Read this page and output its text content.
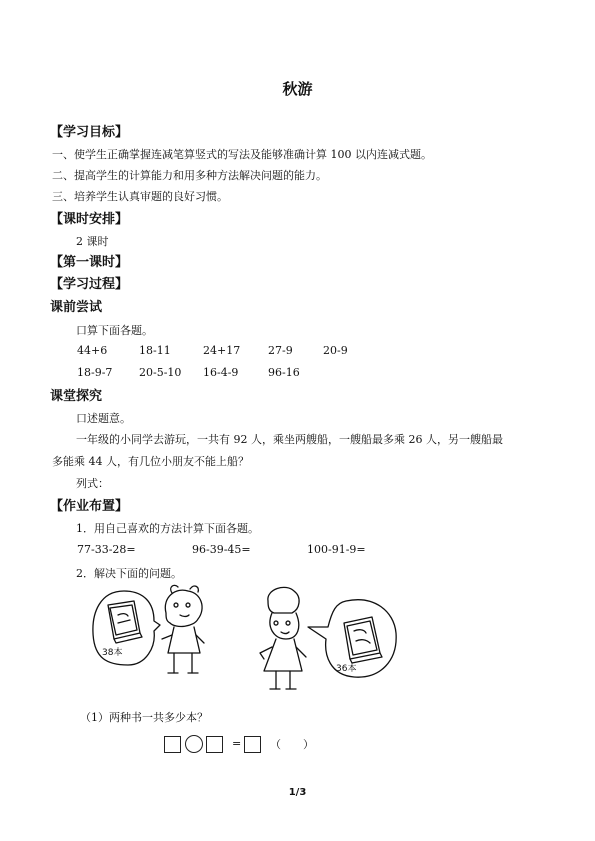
秋游
【学习目标】
一、使学生正确掌握连减笔算竖式的写法及能够准确计算 100 以内连减式题。
二、提高学生的计算能力和用多种方法解决问题的能力。
三、培养学生认真审题的良好习惯。
【课时安排】
2 课时
【第一课时】
【学习过程】
课前尝试
口算下面各题。
44+6	18-11	24+17	27-9	20-9
18-9-7 20-5-10 16-4-9	96-16
课堂探究
口述题意。
一年级的小同学去游玩，一共有 92 人，乘坐两艘船，一艘船最多乘 26 人，另一艘船最
多能乘 44 人，有几位小朋友不能上船？
列式：
【作业布置】
1．用自己喜欢的方法计算下面各题。
77-33-28=	96-39-45=	100-91-9=
2．解决下面的问题。
38本
36本
（1）两种书一共多少本？
=	（　　）
1/3
